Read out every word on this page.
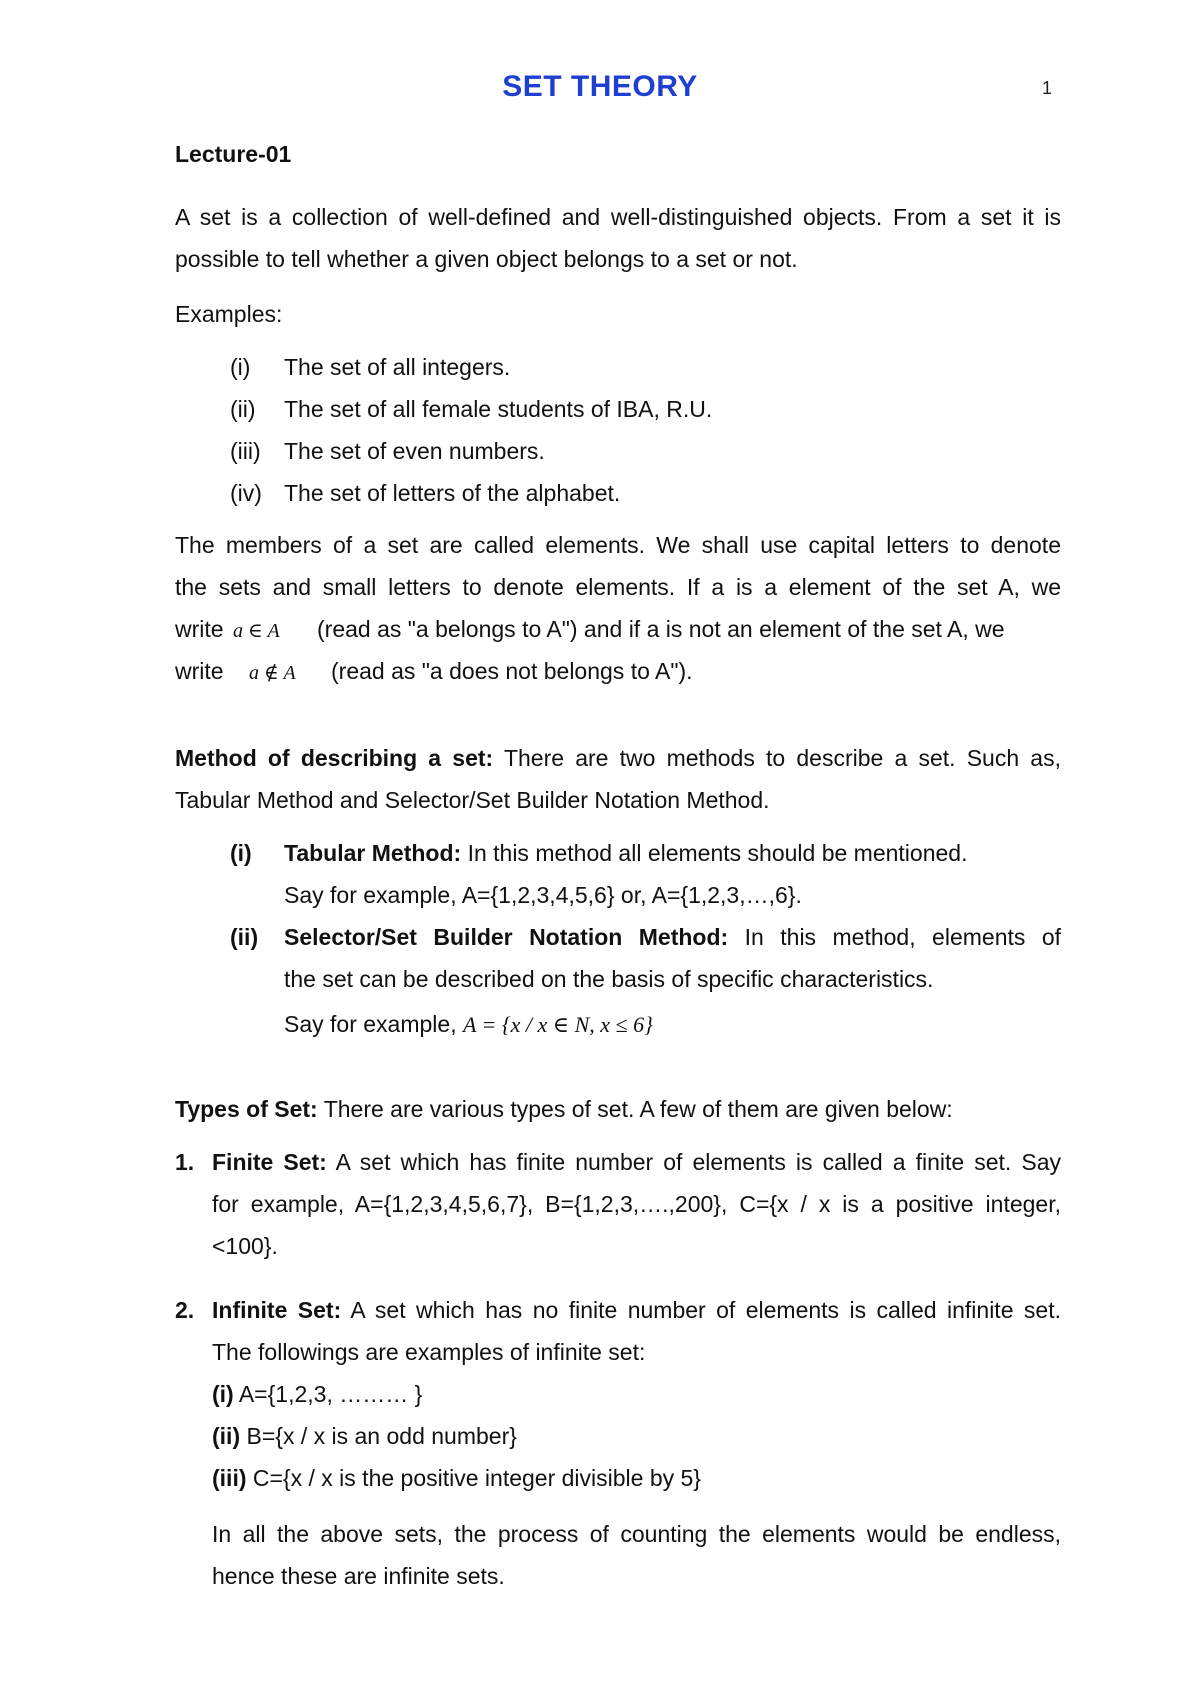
SET THEORY	1
Lecture-01
A set is a collection of well-defined and well-distinguished objects. From a set it is
possible to tell whether a given object belongs to a set or not.
Examples:
(i) The set of all integers.
(ii) The set of all female students of IBA, R.U.
(iii) The set of even numbers.
(iv) The set of letters of the alphabet.
The members of a set are called elements. We shall use capital letters to denote
the sets and small letters to denote elements. If a is a element of the set A, we
write a ∈ A (read as "a belongs to A") and if a is not an element of the set A, we
write a ∉ A (read as "a does not belongs to A").
Method of describing a set: There are two methods to describe a set. Such as,
Tabular Method and Selector/Set Builder Notation Method.
(i) Tabular Method: In this method all elements should be mentioned.
Say for example, A={1,2,3,4,5,6} or, A={1,2,3,…,6}.
(ii) Selector/Set Builder Notation Method: In this method, elements of
the set can be described on the basis of specific characteristics.
Say for example, A = {x / x ∈ N, x ≤ 6}
Types of Set: There are various types of set. A few of them are given below:
1. Finite Set: A set which has finite number of elements is called a finite set. Say
for example, A={1,2,3,4,5,6,7}, B={1,2,3,….,200}, C={x / x is a positive integer,
<100}.
2. Infinite Set: A set which has no finite number of elements is called infinite set.
The followings are examples of infinite set:
(i) A={1,2,3, ……… }
(ii) B={x / x is an odd number}
(iii) C={x / x is the positive integer divisible by 5}
In all the above sets, the process of counting the elements would be endless,
hence these are infinite sets.
